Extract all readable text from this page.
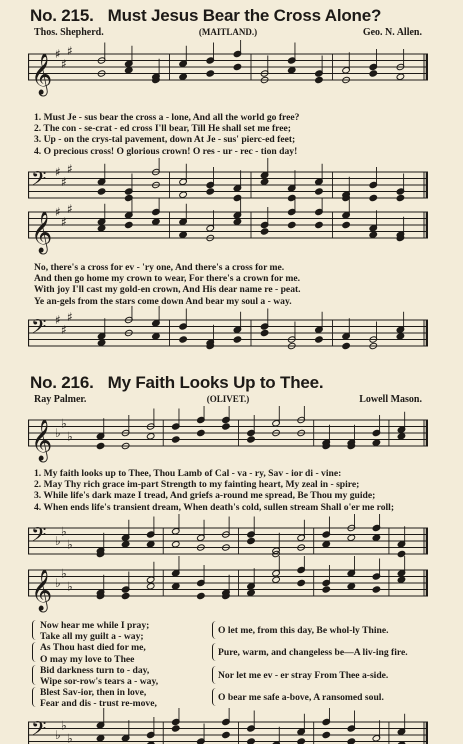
No. 215. Must Jesus Bear the Cross Alone?
Thos. Shepherd.	(MAITLAND.)	Geo. N. Allen.
𝄞 ♯
♯
♯
1. Must Je - sus bear the cross a - lone, And all the world go free?
2. The con - se-crat - ed cross I'll bear, Till He shall set me free;
3. Up - on the crys-tal pavement, down At Je - sus' pierc-ed feet;
4. O precious cross! O glorious crown! O res - ur - rec - tion day!
𝄢 ♯
♯
♯
𝄞 ♯
♯
♯
No, there's a cross for ev - 'ry one, And there's a cross for me.
And then go home my crown to wear, For there's a crown for me.
With joy I'll cast my gold-en crown, And His dear name re - peat.
Ye an-gels from the stars come down And bear my soul a - way.
𝄢 ♯
♯
♯
No. 216. My Faith Looks Up to Thee.
Ray Palmer.	(OLIVET.)	Lowell Mason.
𝄞 ♭
♭
♭
1. My faith looks up to Thee, Thou Lamb of Cal - va - ry, Sav - ior di - vine:
2. May Thy rich grace im-part Strength to my fainting heart, My zeal in - spire;
3. While life's dark maze I tread, And griefs a-round me spread, Be Thou my guide;
4. When ends life's transient dream, When death's cold, sullen stream Shall o'er me roll;
𝄢 ♭
♭
♭
𝄞 ♭
♭
♭
Now hear me while I pray;
Take all my guilt a - way;
O let me, from this day, Be whol-ly Thine.
As Thou hast died for me,
O may my love to Thee
Pure, warm, and changeless be—A liv-ing fire.
Bid darkness turn to - day,
Wipe sor-row's tears a - way,
Nor let me ev - er stray From Thee a-side.
Blest Sav-ior, then in love,
Fear and dis - trust re-move,
O bear me safe a-bove, A ransomed soul.
𝄢 ♭
♭
♭
